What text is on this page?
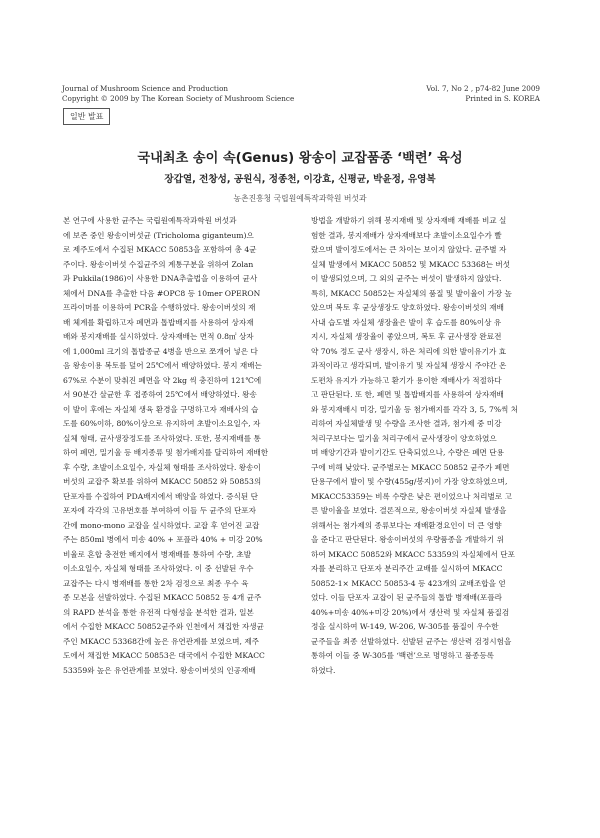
Journal of Mushroom Science and Production
Copyright © 2009 by The Korean Society of Mushroom Science
Vol. 7, No 2 , p74-82 June 2009
Printed in S. KOREA
일반 발표
국내최초 송이 속(Genus) 왕송이 교잡품종 ‘백련’ 육성
장갑열, 전창성, 공원식, 정종천, 이강효, 신평균, 박윤정, 유영복
농촌진흥청 국립원예특작과학원 버섯과
본 연구에 사용한 균주는 국립원예특작과학원 버섯과
에 보존 중인 왕송이버섯균 (Tricholoma giganteum)으
로 제주도에서 수집된 MKACC 50853을 포함하여 총 4균
주이다. 왕송이버섯 수집균주의 계통구분을 위하여 Zolan
과 Pukkila(1986)이 사용한 DNA추출법을 이용하여 균사
체에서 DNA를 추출한 다음 #OPC8 등 10mer OPERON
프라이머를 이용하여 PCR을 수행하였다. 왕송이버섯의 재
배 체계를 확립하고자 폐면과 톱밥배지를 사용하여 상자재
배와 봉지재배를 실시하였다. 상자재배는 면적 0.8㎡ 상자
에 1,000ml 크기의 톱밥종균 4병을 반으로 쪼개어 넣은 다
음 왕송이용 복토를 덮어 25℃에서 배양하였다. 봉지 재배는
67%로 수분이 맞춰진 폐면을 약 2kg 씩 충진하여 121℃에
서 90분간 살균한 후 접종하여 25℃에서 배양하였다. 왕송
이 발이 후에는 자실체 생육 환경을 구명하고자 재배사의 습
도를 60%이하, 80%이상으로 유지하여 초발이소요일수, 자
실체 형태, 균사생장정도를 조사하였다. 또한, 봉지재배를 통
하여 폐면, 밀기울 등 배지종류 및 첨가배지를 달리하여 재배한
후 수량, 초발이소요일수, 자실체 형태를 조사하였다. 왕송이
버섯의 교잡주 확보를 위하여 MKACC 50852 와 50853의
단포자를 수집하여 PDA배지에서 배양을 하였다. 증식된 단
포자에 각각의 고유번호를 부여하여 이들 두 균주의 단포자
간에 mono-mono 교잡을 실시하였다. 교잡 후 얻어진 교잡
주는 850ml 병에서 미송 40% + 포플라 40% + 미강 20%
비율로 혼합 충전한 배지에서 병재배를 통하여 수량, 초발
이소요일수, 자실체 형태를 조사하였다. 이 중 선발된 우수
교잡주는 다시 병재배를 통한 2차 검정으로 최종 우수 육
종 모본을 선발하였다. 수집된 MKACC 50852 등 4개 균주
의 RAPD 분석을 통한 유전적 다형성을 분석한 결과, 일본
에서 수집한 MKACC 50852균주와 인천에서 채집한 자생균
주인 MKACC 53368간에 높은 유연관계를 보였으며, 제주
도에서 채집한 MKACC 50853은 대국에서 수집한 MKACC
53359와 높은 유연관계를 보였다. 왕송이버섯의 인공재배
방법을 개발하기 위해 봉지재배 및 상자재배 재배를 비교 실
험한 결과, 봉지재배가 상자재배보다 초발이소요일수가 빨
랐으며 발이정도에서는 큰 차이는 보이지 않았다. 균주별 자
실체 발생에서 MKACC 50852 및 MKACC 53368는 버섯
이 발생되었으며, 그 외의 균주는 버섯이 발생하지 않았다.
특히, MKACC 50852는 자실체의 품질 및 발이율이 가장 높
았으며 복토 후 균상생장도 양호하였다. 왕송이버섯의 재배
사내 습도별 자실체 생장율은 발이 후 습도를 80%이상 유
지시, 자실체 생장율이 좋았으며, 복토 후 균사생장 완료전
약 70% 정도 균사 생장시, 하온 처리에 의한 발이유기가 효
과적이라고 생각되며, 발이유기 및 자실체 생장시 주야간 온
도편차 유지가 가능하고 환기가 용이한 재배사가 적절하다
고 판단된다. 또 한, 폐면 및 톱밥배지를 사용하여 상자재배
와 봉지재배시 미강, 밀기울 등 첨가배지를 각각 3, 5, 7%씩 처
리하여 자실체발생 및 수량을 조사한 결과, 첨가제 중 미강
처리구보다는 밀기울 처리구에서 균사생장이 양호하였으
며 배양기간과 발이기간도 단축되었으나, 수량은 폐면 단용
구에 비해 낮았다. 균주별로는 MKACC 50852 균주가 폐면
단용구에서 발이 및 수량(455g/봉지)이 가장 양호하였으며,
MKACC53359는 비록 수량은 낮은 편이었으나 처리별로 고
른 발이율을 보였다. 결론적으로, 왕송이버섯 자실체 발생을
위해서는 첨가제의 종류보다는 재배환경요인이 더 큰 영향
을 준다고 판단된다. 왕송이버섯의 우량품종을 개발하기 위
하여 MKACC 50852와 MKACC 53359의 자실체에서 단포
자를 분리하고 단포자 분리주간 교배를 실시하여 MKACC
50852-1× MKACC 50853-4 등 423개의 교배조합을 얻
었다. 이들 단포자 교잡이 된 균주들의 톱밥 병재배(포플라
40%+미송 40%+미강 20%)에서 생산력 및 자실체 품질검
정을 실시하여 W-149, W-206, W-305를 품질이 우수한
균주들을 최종 선발하였다. 선발된 균주는 생산력 검정시험을
통하여 이들 중 W-305를 ‘백련’으로 명명하고 품종등록
하였다.
